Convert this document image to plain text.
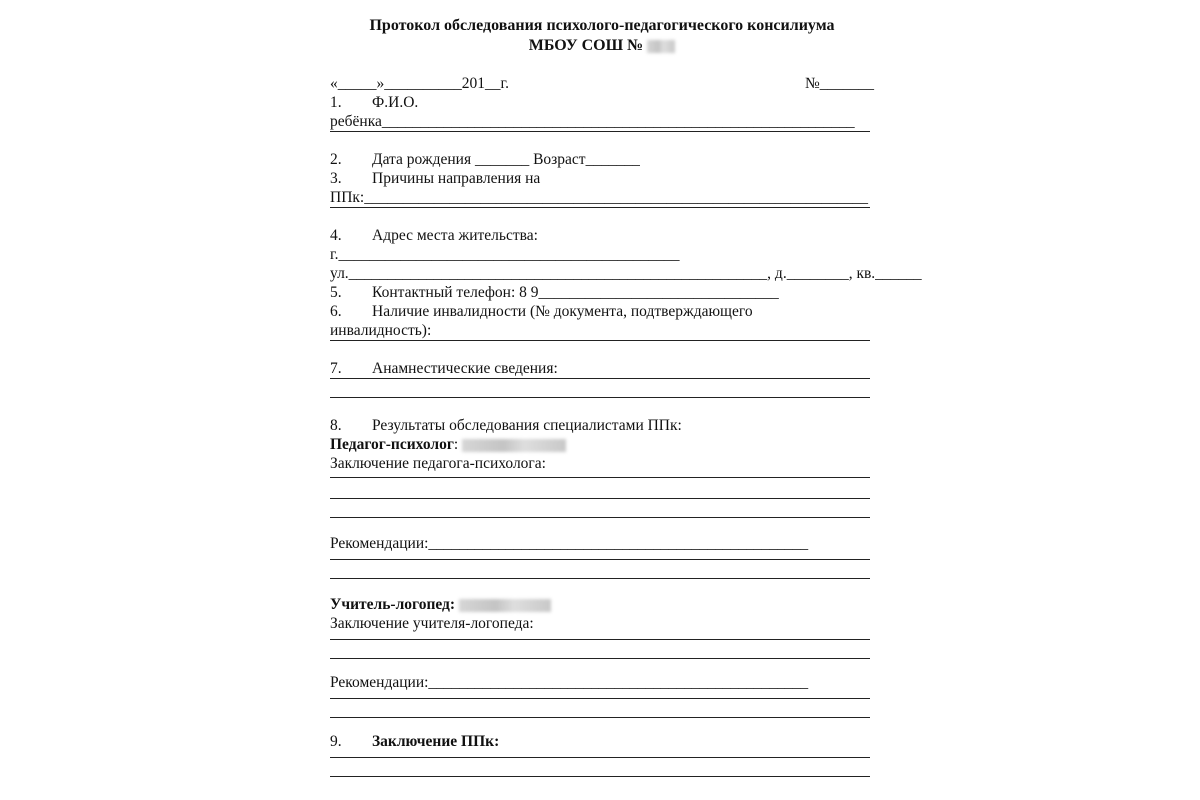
Протокол обследования психолого-педагогического консилиума
МБОУ СОШ №
«_____»__________201__г.	№_______
1. Ф.И.О.
ребёнка_____________________________________________________________
2. Дата рождения _______ Возраст_______
3. Причины направления на
ППк:_________________________________________________________________
4. Адрес места жительства:
г.____________________________________________
ул.______________________________________________________, д.________, кв.______
5. Контактный телефон: 8 9_______________________________
6. Наличие инвалидности (№ документа, подтверждающего
инвалидность):
7. Анамнестические сведения:
8. Результаты обследования специалистами ППк:
Педагог-психолог:
Заключение педагога-психолога:
Рекомендации:_________________________________________________
Учитель-логопед:
Заключение учителя-логопеда:
Рекомендации:_________________________________________________
9. Заключение ППк:
